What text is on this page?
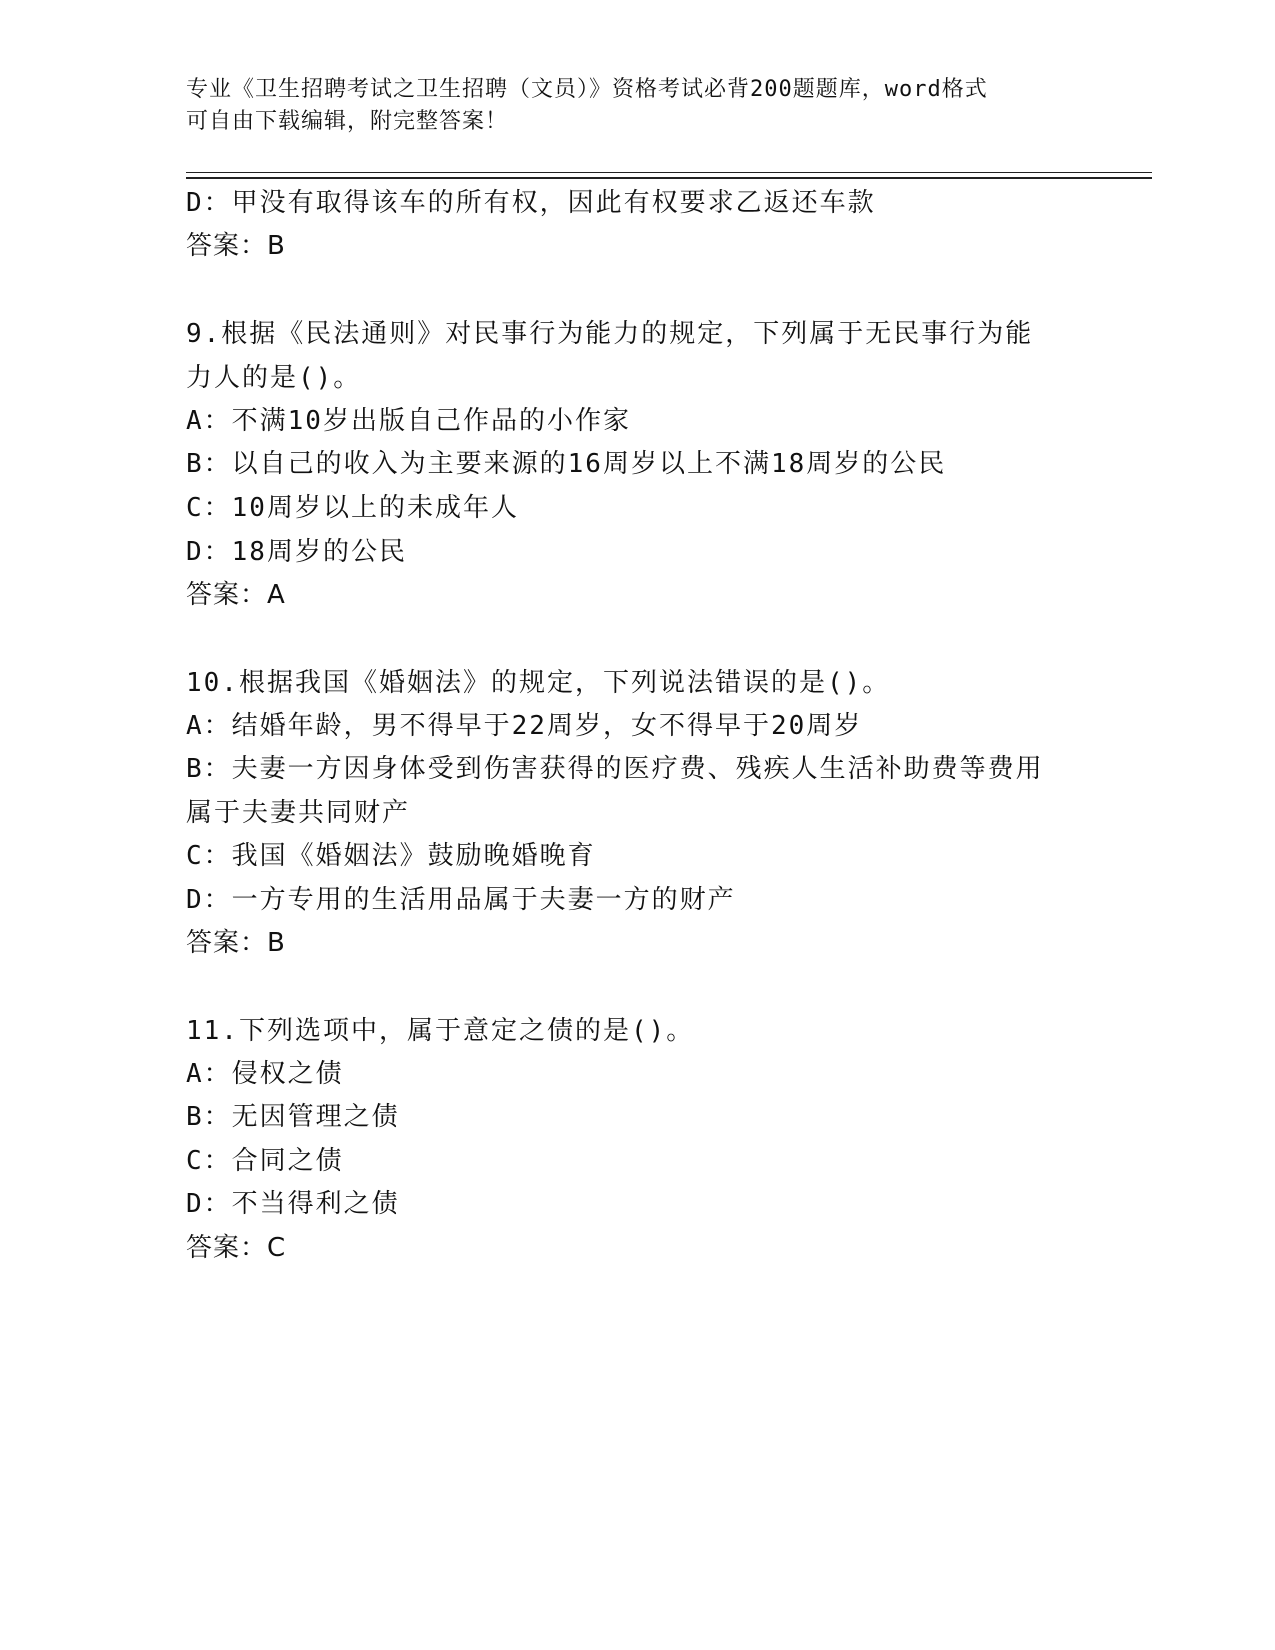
专业《卫生招聘考试之卫生招聘（文员）》资格考试必背200题题库，word格式
可自由下载编辑，附完整答案！
D：甲没有取得该车的所有权，因此有权要求乙返还车款
答案：B
9.根据《民法通则》对民事行为能力的规定，下列属于无民事行为能
力人的是()。
A：不满10岁出版自己作品的小作家
B：以自己的收入为主要来源的16周岁以上不满18周岁的公民
C：10周岁以上的未成年人
D：18周岁的公民
答案：A
10.根据我国《婚姻法》的规定，下列说法错误的是()。
A：结婚年龄，男不得早于22周岁，女不得早于20周岁
B：夫妻一方因身体受到伤害获得的医疗费、残疾人生活补助费等费用
属于夫妻共同财产
C：我国《婚姻法》鼓励晚婚晚育
D：一方专用的生活用品属于夫妻一方的财产
答案：B
11.下列选项中，属于意定之债的是()。
A：侵权之债
B：无因管理之债
C：合同之债
D：不当得利之债
答案：C
